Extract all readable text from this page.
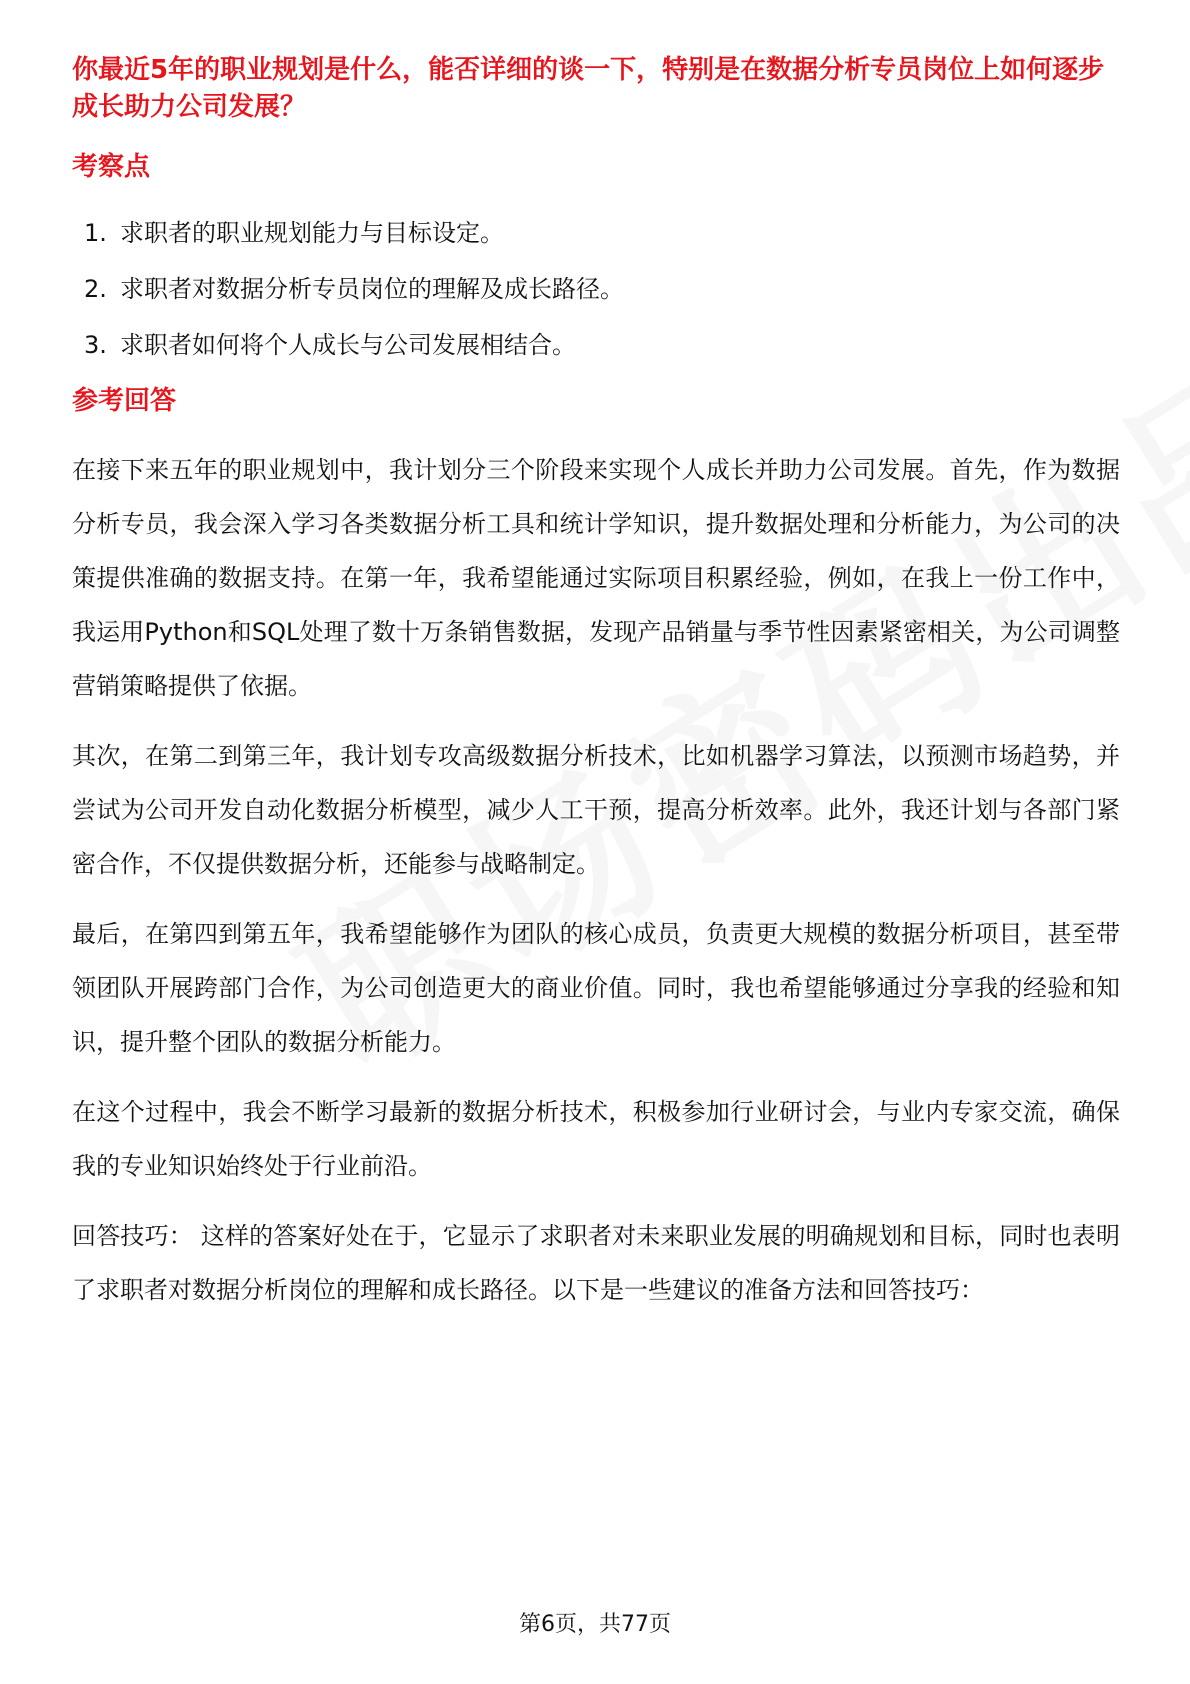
你最近5年的职业规划是什么，能否详细的谈一下，特别是在数据分析专员岗位上如何逐步成长助力公司发展？
考察点
1. 求职者的职业规划能力与目标设定。
2. 求职者对数据分析专员岗位的理解及成长路径。
3. 求职者如何将个人成长与公司发展相结合。
参考回答

在接下来五年的职业规划中，我计划分三个阶段来实现个人成长并助力公司发展。首先，作为数据分析专员，我会深入学习各类数据分析工具和统计学知识，提升数据处理和分析能力，为公司的决策提供准确的数据支持。在第一年，我希望能通过实际项目积累经验，例如，在我上一份工作中，我运用Python和SQL处理了数十万条销售数据，发现产品销量与季节性因素紧密相关，为公司调整营销策略提供了依据。

其次，在第二到第三年，我计划专攻高级数据分析技术，比如机器学习算法，以预测市场趋势，并尝试为公司开发自动化数据分析模型，减少人工干预，提高分析效率。此外，我还计划与各部门紧密合作，不仅提供数据分析，还能参与战略制定。

最后，在第四到第五年，我希望能够作为团队的核心成员，负责更大规模的数据分析项目，甚至带领团队开展跨部门合作，为公司创造更大的商业价值。同时，我也希望能够通过分享我的经验和知识，提升整个团队的数据分析能力。

在这个过程中，我会不断学习最新的数据分析技术，积极参加行业研讨会，与业内专家交流，确保我的专业知识始终处于行业前沿。

回答技巧： 这样的答案好处在于，它显示了求职者对未来职业发展的明确规划和目标，同时也表明了求职者对数据分析岗位的理解和成长路径。以下是一些建议的准备方法和回答技巧：

第6页，共77页
